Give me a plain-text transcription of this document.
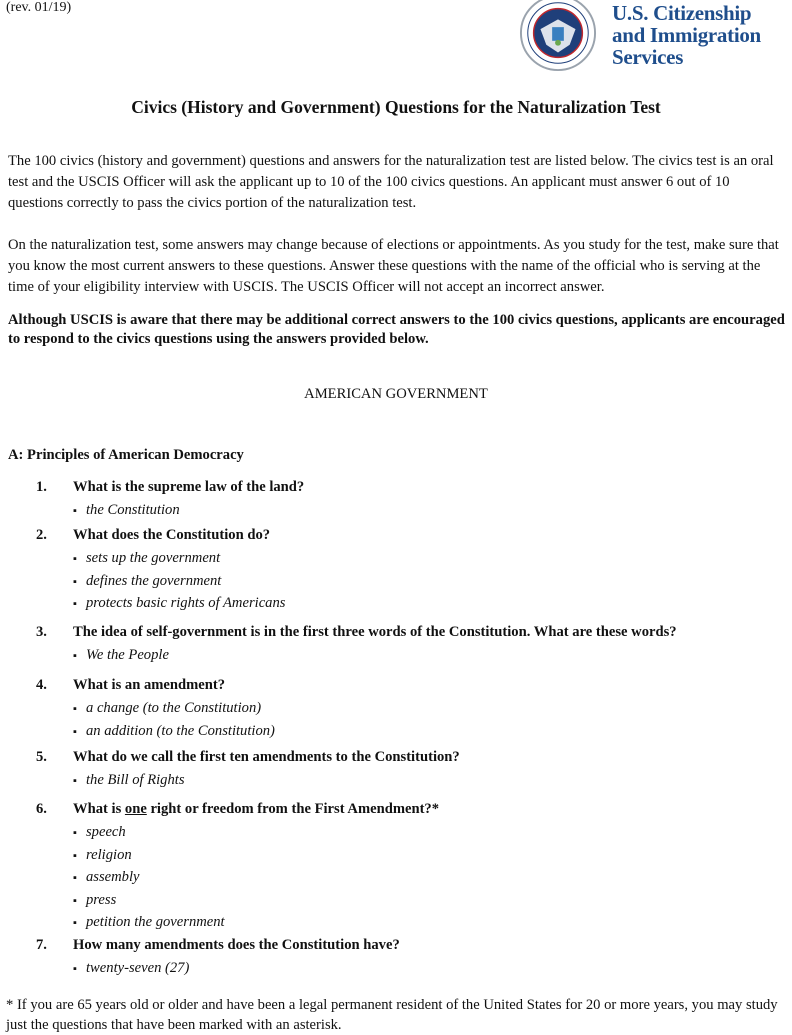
(rev. 01/19)	U.S. Citizenship
and Immigration
Services
Civics (History and Government) Questions for the Naturalization Test
The 100 civics (history and government) questions and answers for the naturalization test are listed below. The civics test is an oral test and the USCIS Officer will ask the applicant up to 10 of the 100 civics questions. An applicant must answer 6 out of 10 questions correctly to pass the civics portion of the naturalization test.
On the naturalization test, some answers may change because of elections or appointments. As you study for the test, make sure that you know the most current answers to these questions. Answer these questions with the name of the official who is serving at the time of your eligibility interview with USCIS. The USCIS Officer will not accept an incorrect answer.
Although USCIS is aware that there may be additional correct answers to the 100 civics questions, applicants are encouraged to respond to the civics questions using the answers provided below.
AMERICAN GOVERNMENT
A: Principles of American Democracy
1.	What is the supreme law of the land?
▪ the Constitution
2.	What does the Constitution do?
▪ sets up the government
▪ defines the government
▪ protects basic rights of Americans
3.	The idea of self-government is in the first three words of the Constitution. What are these words?
▪ We the People
4.	What is an amendment?
▪ a change (to the Constitution)
▪ an addition (to the Constitution)
5.	What do we call the first ten amendments to the Constitution?
▪ the Bill of Rights
6.	What is one right or freedom from the First Amendment?*
▪ speech
▪ religion
▪ assembly
▪ press
▪ petition the government
7.	How many amendments does the Constitution have?
▪ twenty-seven (27)
* If you are 65 years old or older and have been a legal permanent resident of the United States for 20 or more years, you may study just the questions that have been marked with an asterisk.
